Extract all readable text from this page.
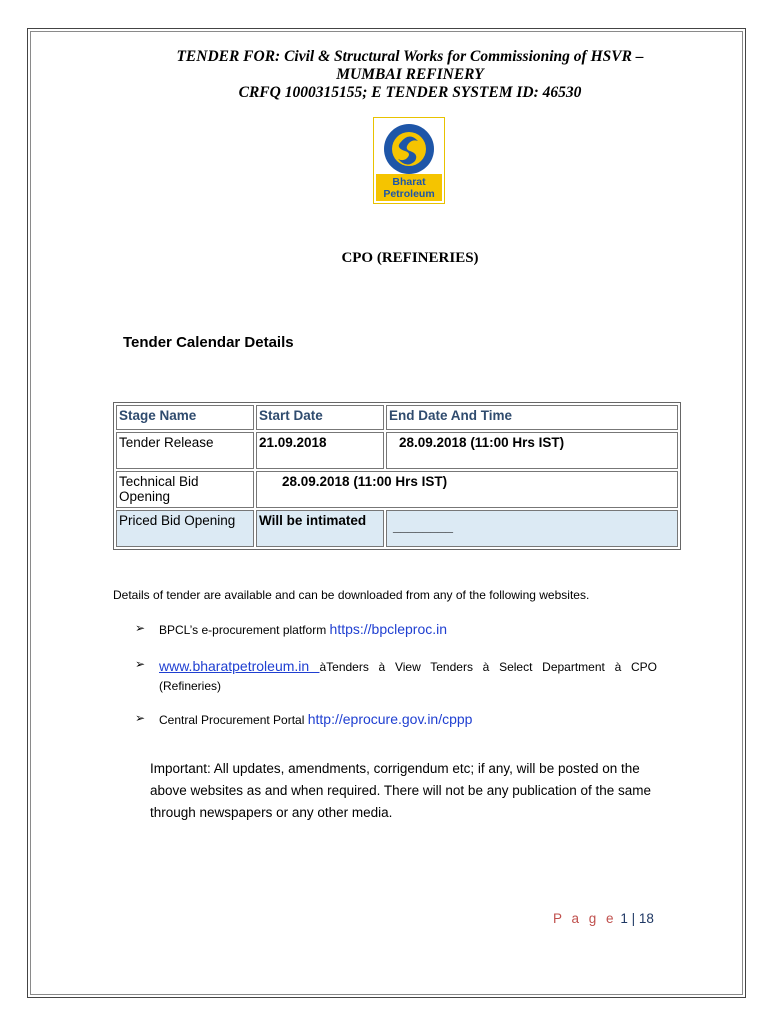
TENDER FOR: Civil & Structural Works for Commissioning of HSVR –
MUMBAI REFINERY
CRFQ 1000315155; E TENDER SYSTEM ID: 46530
Bharat
Petroleum
CPO (REFINERIES)
Tender Calendar Details
Stage Name	Start Date	End Date And Time
Tender Release	21.09.2018	28.09.2018 (11:00 Hrs IST)
Technical Bid Opening	28.09.2018 (11:00 Hrs IST)	
Priced Bid Opening	Will be intimated	________
Details of tender are available and can be downloaded from any of the following websites.
➢ BPCL’s e-procurement platform https://bpcleproc.in
➢ www.bharatpetroleum.in àTenders à View Tenders à Select Department à CPO (Refineries)
➢ Central Procurement Portal http://eprocure.gov.in/cppp
Important: All updates, amendments, corrigendum etc; if any, will be posted on the above websites as and when required. There will not be any publication of the same through newspapers or any other media.
P a g e 1 | 18
